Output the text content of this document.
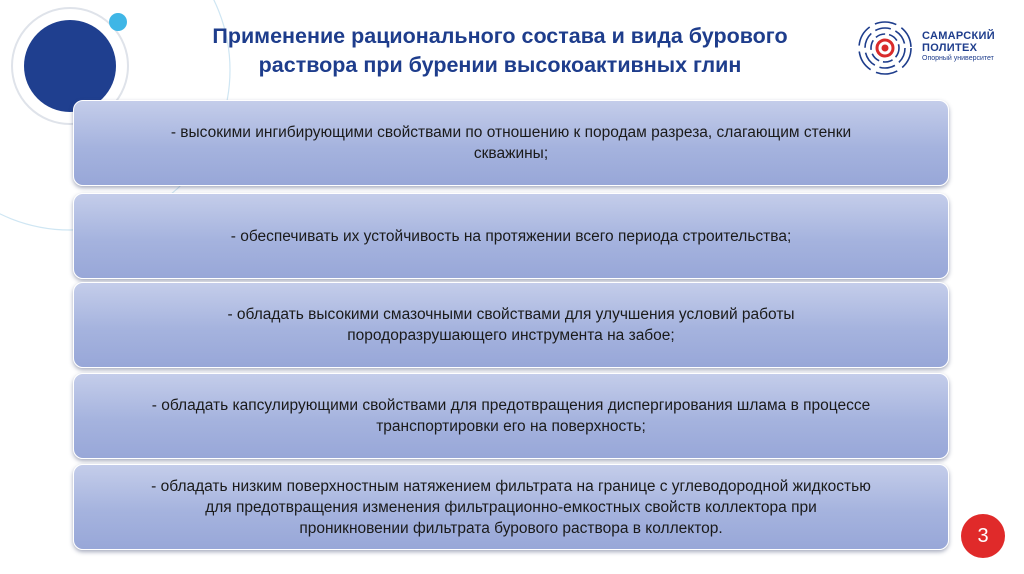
Применение рационального состава и вида бурового
раствора при бурении высокоактивных глин
САМАРСКИЙ
ПОЛИТЕХ
Опорный университет
- высокими ингибирующими свойствами по отношению к породам разреза, слагающим стенки
скважины;
- обеспечивать их устойчивость на протяжении всего периода строительства;
- обладать высокими смазочными свойствами для улучшения условий работы
породоразрушающего инструмента на забое;
- обладать капсулирующими свойствами для предотвращения диспергирования шлама в процессе
транспортировки его на поверхность;
- обладать низким поверхностным натяжением фильтрата на границе с углеводородной жидкостью
для предотвращения изменения фильтрационно-емкостных свойств коллектора при
проникновении фильтрата бурового раствора в коллектор.	3
